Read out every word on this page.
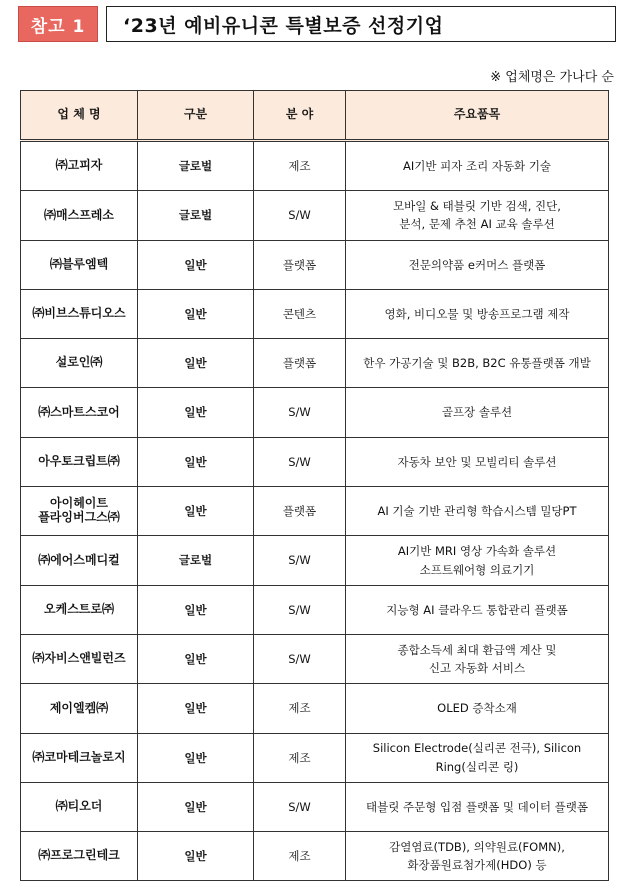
참고 1	‘23년 예비유니콘 특별보증 선정기업
※ 업체명은 가나다 순
업 체 명	구분	분 야	주요품목
㈜고피자	글로벌	제조	AI기반 피자 조리 자동화 기술
㈜매스프레소	글로벌	S/W	모바일 & 태블릿 기반 검색, 진단,
분석, 문제 추천 AI 교육 솔루션
㈜블루엠텍	일반	플랫폼	전문의약품 e커머스 플랫폼
㈜비브스튜디오스	일반	콘텐츠	영화, 비디오물 및 방송프로그램 제작
설로인㈜	일반	플랫폼	한우 가공기술 및 B2B, B2C 유통플랫폼 개발
㈜스마트스코어	일반	S/W	골프장 솔루션
아우토크립트㈜	일반	S/W	자동차 보안 및 모빌리티 솔루션
아이헤이트
플라잉버그스㈜	일반	플랫폼	AI 기술 기반 관리형 학습시스템 밀당PT
㈜에어스메디컬	글로벌	S/W	AI기반 MRI 영상 가속화 솔루션
소프트웨어형 의료기기
오케스트로㈜	일반	S/W	지능형 AI 클라우드 통합관리 플랫폼
㈜자비스앤빌런즈	일반	S/W	종합소득세 최대 환급액 계산 및
신고 자동화 서비스
제이엘켐㈜	일반	제조	OLED 증착소재
㈜코마테크놀로지	일반	제조	Silicon Electrode(실리콘 전극), Silicon
Ring(실리콘 링)
㈜티오더	일반	S/W	태블릿 주문형 입점 플랫폼 및 데이터 플랫폼
㈜프로그린테크	일반	제조	감열염료(TDB), 의약원료(FOMN),
화장품원료첨가제(HDO) 등
